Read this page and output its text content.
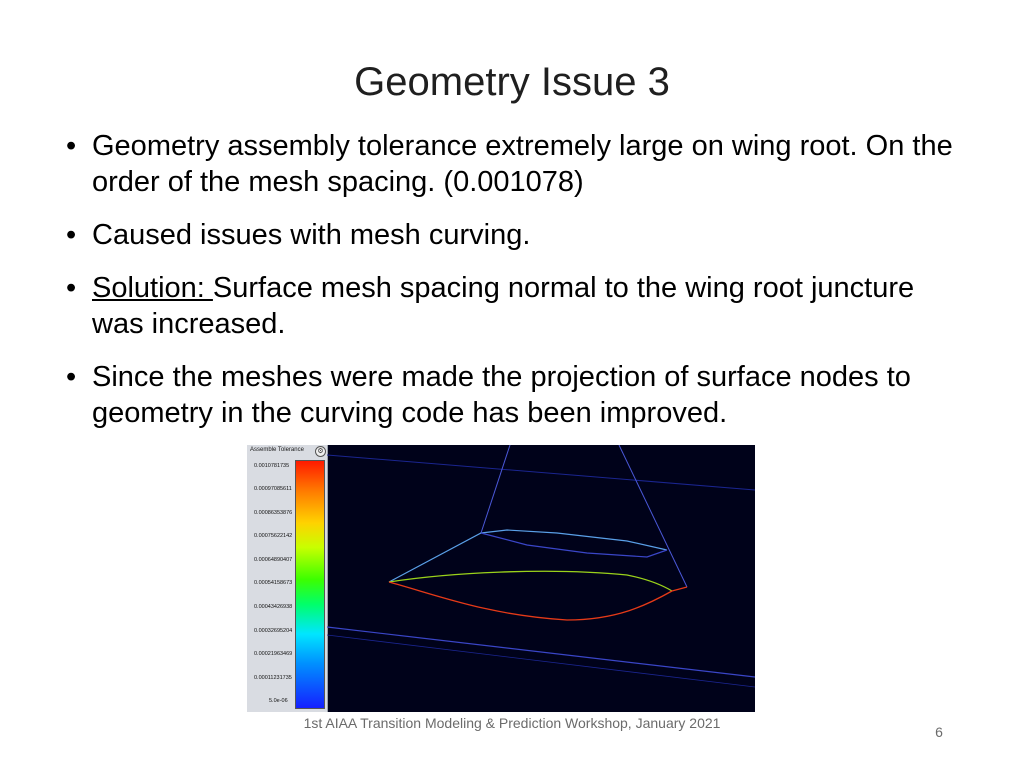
Geometry Issue 3
• Geometry assembly tolerance extremely large on wing root. On the order of the mesh spacing. (0.001078)
• Caused issues with mesh curving.
• Solution: Surface mesh spacing normal to the wing root juncture was increased.
• Since the meshes were made the projection of surface nodes to geometry in the curving code has been improved.
Assemble Tolerance	⚙
0.0010781735
0.00097085611
0.00086353876
0.00075622142
0.00064890407
0.00054158673
0.00043426938
0.00032695204
0.00021963469
0.00011231735
5.0e-06
1st AIAA Transition Modeling & Prediction Workshop, January 2021
6
